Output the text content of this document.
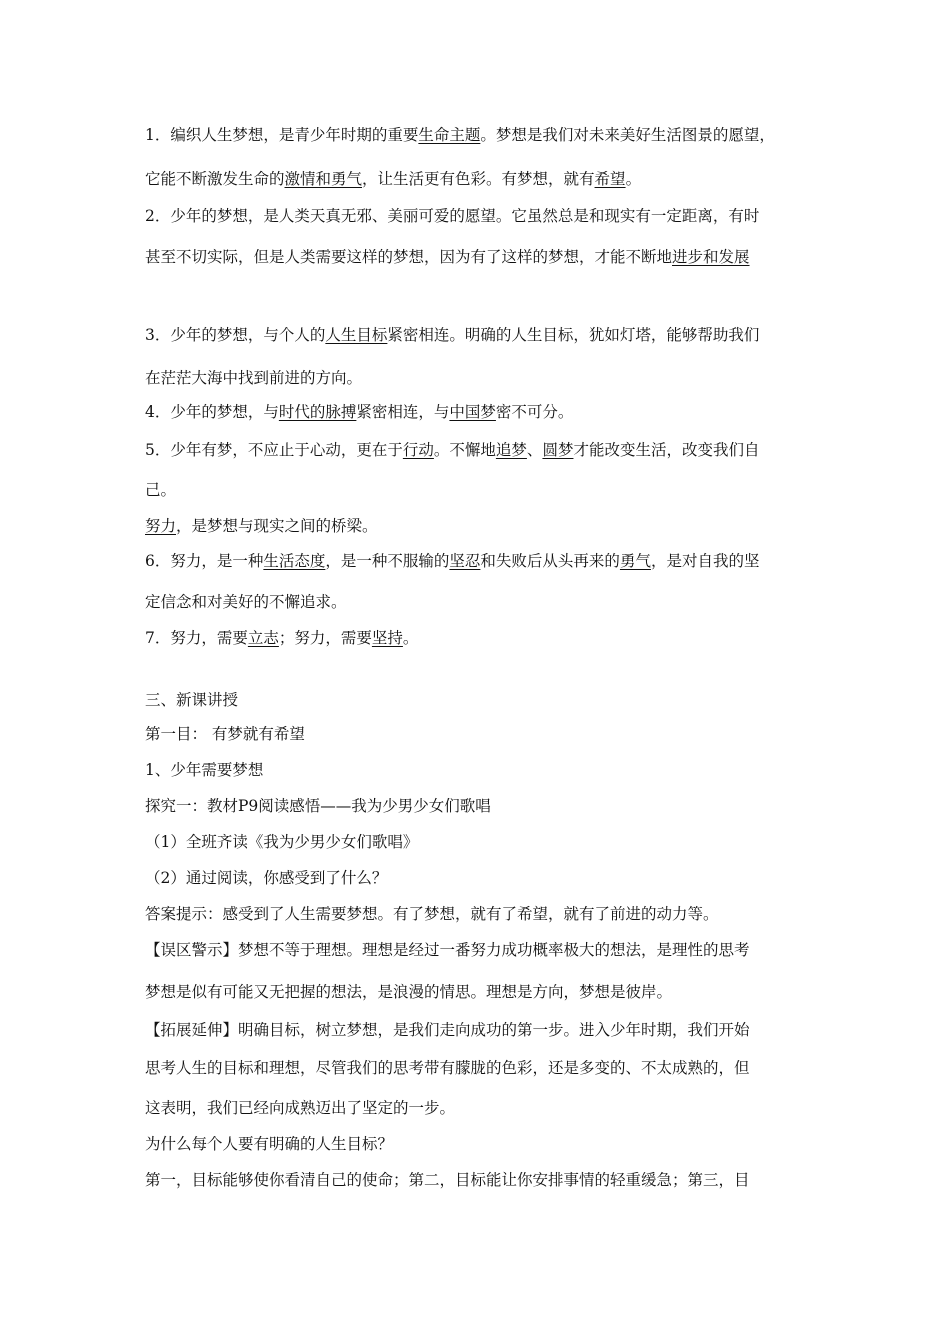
1．编织人生梦想，是青少年时期的重要生命主题。梦想是我们对未来美好生活图景的愿望，
它能不断激发生命的激情和勇气，让生活更有色彩。有梦想，就有希望。
2．少年的梦想，是人类天真无邪、美丽可爱的愿望。它虽然总是和现实有一定距离，有时
甚至不切实际，但是人类需要这样的梦想，因为有了这样的梦想，才能不断地进步和发展
3．少年的梦想，与个人的人生目标紧密相连。明确的人生目标，犹如灯塔，能够帮助我们
在茫茫大海中找到前进的方向。
4．少年的梦想，与时代的脉搏紧密相连，与中国梦密不可分。
5．少年有梦，不应止于心动，更在于行动。不懈地追梦、圆梦才能改变生活，改变我们自
己。
努力，是梦想与现实之间的桥梁。
6．努力，是一种生活态度，是一种不服输的坚忍和失败后从头再来的勇气，是对自我的坚
定信念和对美好的不懈追求。
7．努力，需要立志；努力，需要坚持。
三、新课讲授
第一目： 有梦就有希望
1、少年需要梦想
探究一：教材P9阅读感悟——我为少男少女们歌唱
（1）全班齐读《我为少男少女们歌唱》
（2）通过阅读，你感受到了什么？
答案提示：感受到了人生需要梦想。有了梦想，就有了希望，就有了前进的动力等。
【误区警示】梦想不等于理想。理想是经过一番努力成功概率极大的想法，是理性的思考
梦想是似有可能又无把握的想法，是浪漫的情思。理想是方向，梦想是彼岸。
【拓展延伸】明确目标，树立梦想，是我们走向成功的第一步。进入少年时期，我们开始
思考人生的目标和理想，尽管我们的思考带有朦胧的色彩，还是多变的、不太成熟的，但
这表明，我们已经向成熟迈出了坚定的一步。
为什么每个人要有明确的人生目标？
第一，目标能够使你看清自己的使命；第二，目标能让你安排事情的轻重缓急；第三，目
